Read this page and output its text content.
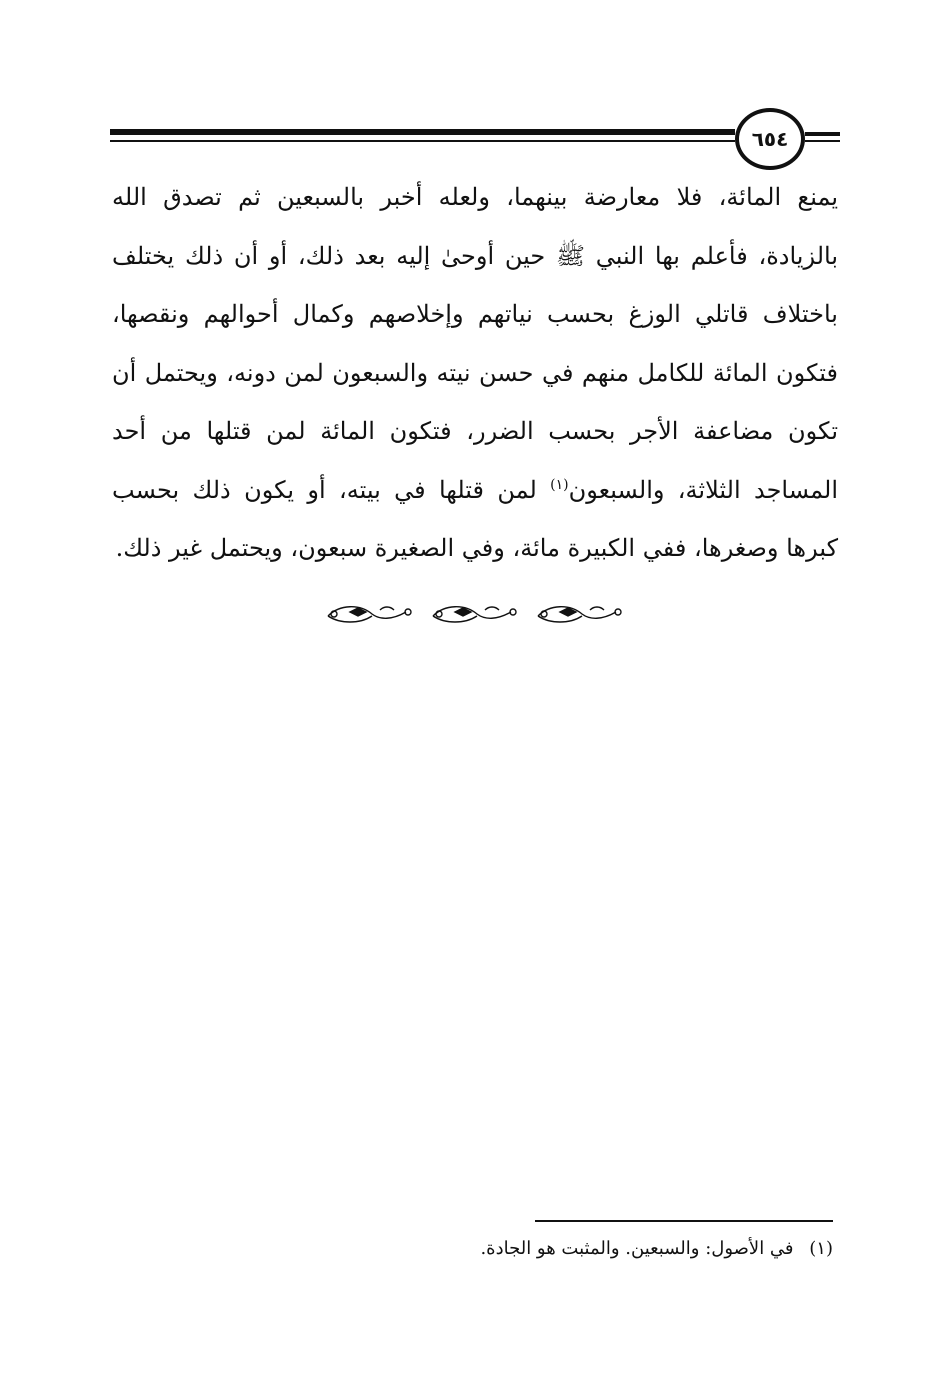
٦٥٤

يمنع المائة، فلا معارضة بينهما، ولعله أخبر بالسبعين ثم تصدق الله بالزيادة، فأعلم بها النبي ﷺ حين أوحىٰ إليه بعد ذلك، أو أن ذلك يختلف باختلاف قاتلي الوزغ بحسب نياتهم وإخلاصهم وكمال أحوالهم ونقصها، فتكون المائة للكامل منهم في حسن نيته والسبعون لمن دونه، ويحتمل أن تكون مضاعفة الأجر بحسب الضرر، فتكون المائة لمن قتلها من أحد المساجد الثلاثة، والسبعون$^{(١)}$ لمن قتلها في بيته، أو يكون ذلك بحسب كبرها وصغرها، ففي الكبيرة مائة، وفي الصغيرة سبعون، ويحتمل غير ذلك.

(١) في الأصول: والسبعين. والمثبت هو الجادة.
